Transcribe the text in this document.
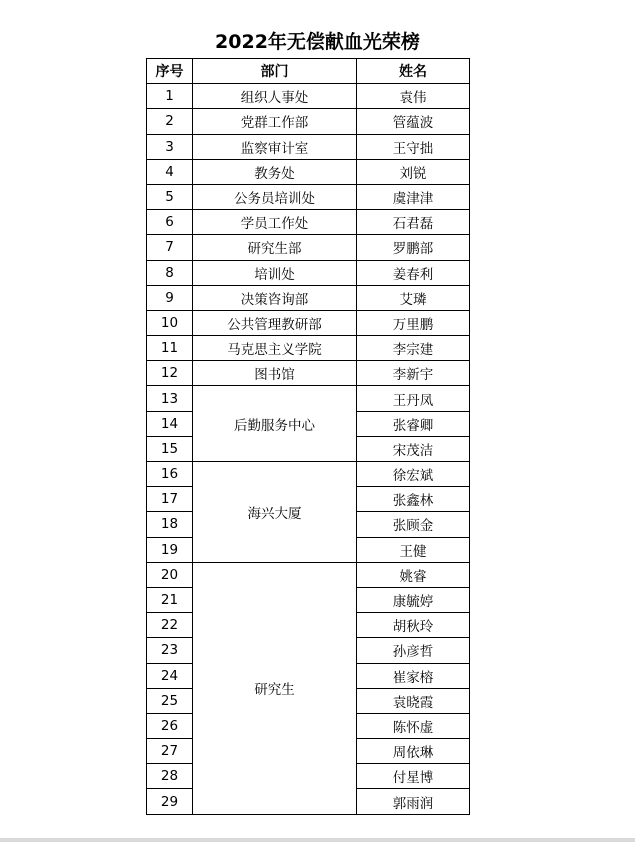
2022年无偿献血光荣榜
序号	部门	姓名
1	组织人事处	袁伟
2	党群工作部	管蕴波
3	监察审计室	王守拙
4	教务处	刘锐
5	公务员培训处	虞津津
6	学员工作处	石君磊
7	研究生部	罗鹏部
8	培训处	姜春利
9	决策咨询部	艾璘
10	公共管理教研部	万里鹏
11	马克思主义学院	李宗建
12	图书馆	李新宇
13	后勤服务中心	王丹凤
14		张睿卿
15		宋茂洁
16	海兴大厦	徐宏斌
17		张鑫林
18		张顾金
19		王健
20	研究生	姚睿
21		康毓婷
22		胡秋玲
23		孙彦哲
24		崔家榕
25		袁晓霞
26		陈怀虚
27		周依琳
28		付星博
29		郭雨润
